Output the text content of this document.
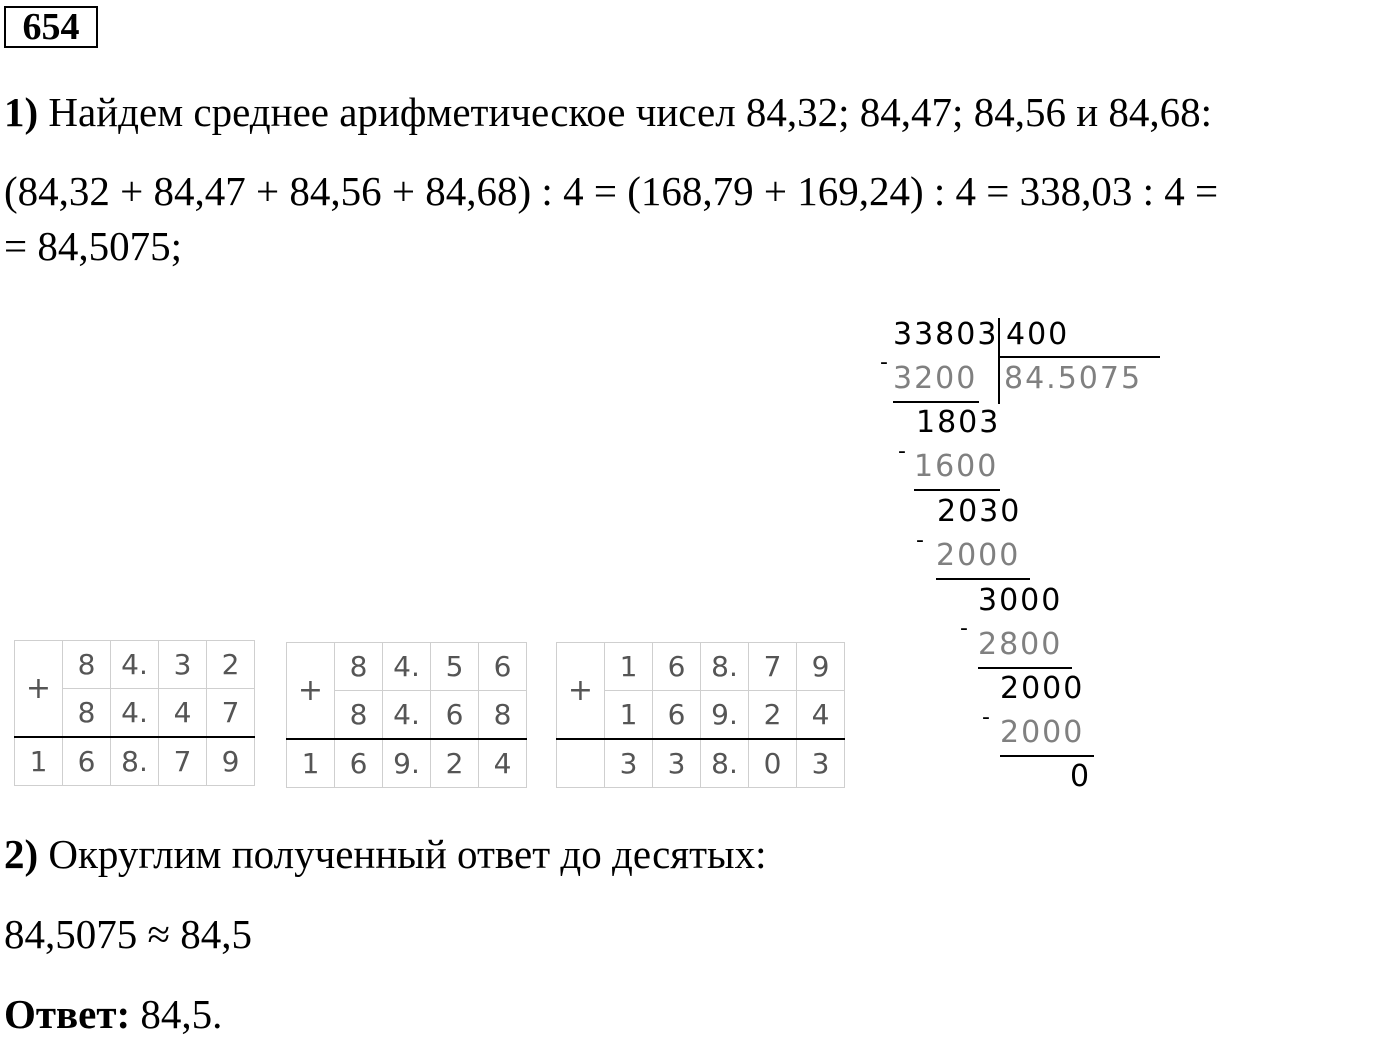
654
1) Найдем среднее арифметическое чисел 84,32; 84,47; 84,56 и 84,68:
(84,32 + 84,47 + 84,56 + 84,68) : 4 = (168,79 + 169,24) : 4 = 338,03 : 4 =
= 84,5075;
+	8	4.	3	2
	8	4.	4	7
1	6	8.	7	9
+	8	4.	5	6
	8	4.	6	8
1	6	9.	2	4
+	1	6	8.	7	9
	1	6	9.	2	4
	3	3	8.	0	3
33803 400
84.5075
- 3200
1803
- 1600
2030
- 2000
3000
- 2800
2000
- 2000
0
2) Округлим полученный ответ до десятых:
84,5075 ≈ 84,5
Ответ: 84,5.
